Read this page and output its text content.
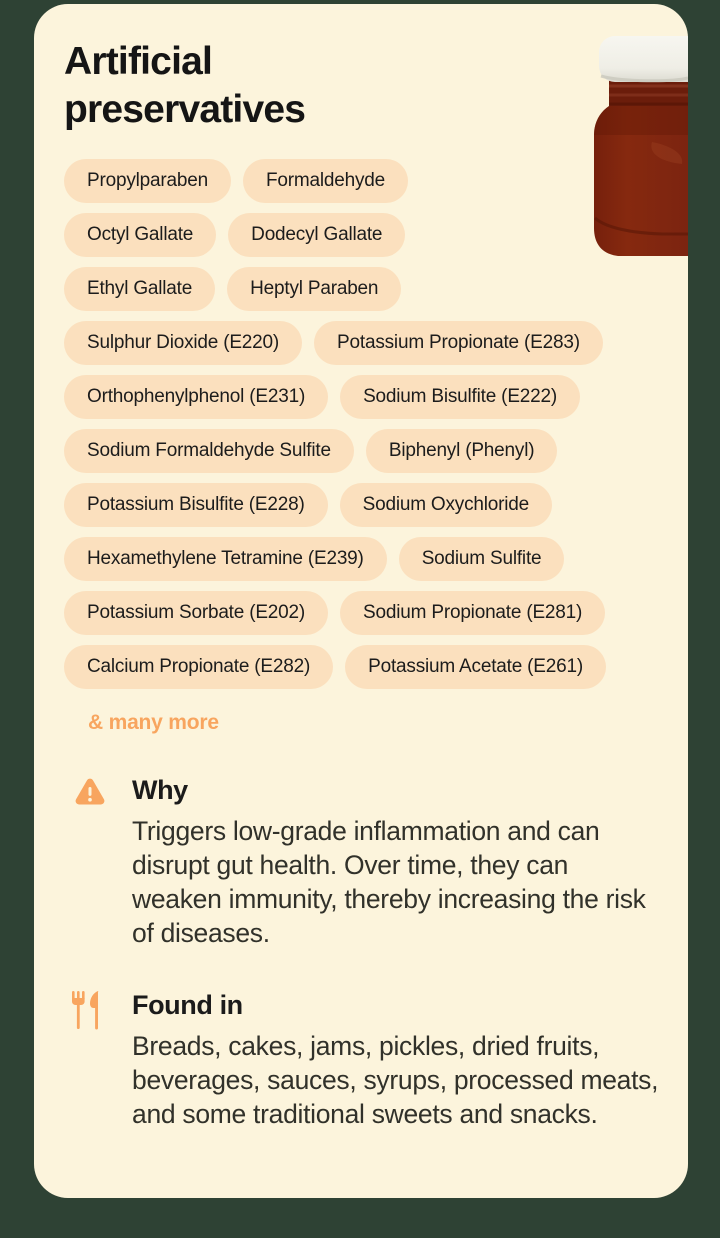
Artificial preservatives
Propylparaben	Formaldehyde
Octyl Gallate	Dodecyl Gallate
Ethyl Gallate	Heptyl Paraben
Sulphur Dioxide (E220)	Potassium Propionate (E283)
Orthophenylphenol (E231)	Sodium Bisulfite (E222)
Sodium Formaldehyde Sulfite	Biphenyl (Phenyl)
Potassium Bisulfite (E228)	Sodium Oxychloride
Hexamethylene Tetramine (E239)	Sodium Sulfite
Potassium Sorbate (E202)	Sodium Propionate (E281)
Calcium Propionate (E282)	Potassium Acetate (E261)
& many more
Why

Triggers low-grade inflammation and can disrupt gut health. Over time, they can weaken immunity, thereby increasing the risk of diseases.

Found in

Breads, cakes, jams, pickles, dried fruits, beverages, sauces, syrups, processed meats, and some traditional sweets and snacks.
